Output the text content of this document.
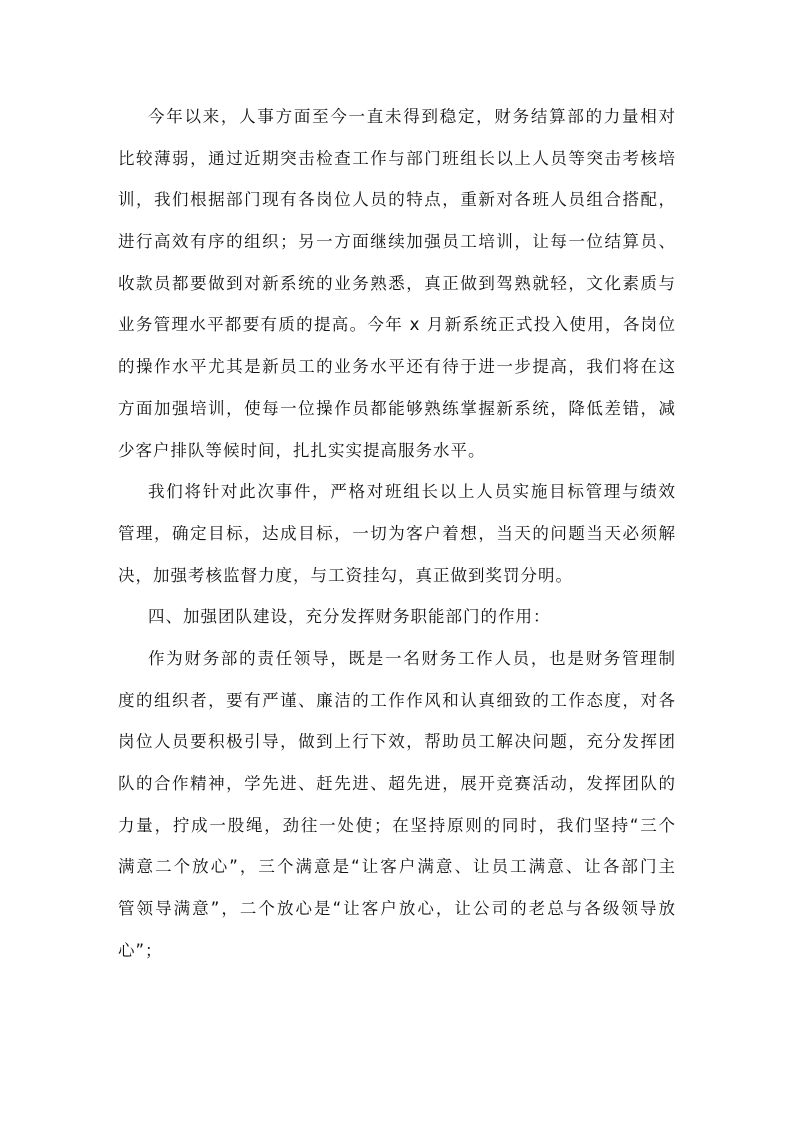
今年以来，人事方面至今一直未得到稳定，财务结算部的力量相对
比较薄弱，通过近期突击检查工作与部门班组长以上人员等突击考核培
训，我们根据部门现有各岗位人员的特点，重新对各班人员组合搭配，
进行高效有序的组织；另一方面继续加强员工培训，让每一位结算员、
收款员都要做到对新系统的业务熟悉，真正做到驾熟就轻，文化素质与
业务管理水平都要有质的提高。今年 x 月新系统正式投入使用，各岗位
的操作水平尤其是新员工的业务水平还有待于进一步提高，我们将在这
方面加强培训，使每一位操作员都能够熟练掌握新系统，降低差错，减
少客户排队等候时间，扎扎实实提高服务水平。
我们将针对此次事件，严格对班组长以上人员实施目标管理与绩效
管理，确定目标，达成目标，一切为客户着想，当天的问题当天必须解
决，加强考核监督力度，与工资挂勾，真正做到奖罚分明。
四、加强团队建设，充分发挥财务职能部门的作用：
作为财务部的责任领导，既是一名财务工作人员，也是财务管理制
度的组织者，要有严谨、廉洁的工作作风和认真细致的工作态度，对各
岗位人员要积极引导，做到上行下效，帮助员工解决问题，充分发挥团
队的合作精神，学先进、赶先进、超先进，展开竞赛活动，发挥团队的
力量，拧成一股绳，劲往一处使；在坚持原则的同时，我们坚持“三个
满意二个放心”，三个满意是“让客户满意、让员工满意、让各部门主
管领导满意”，二个放心是“让客户放心，让公司的老总与各级领导放
心”；
